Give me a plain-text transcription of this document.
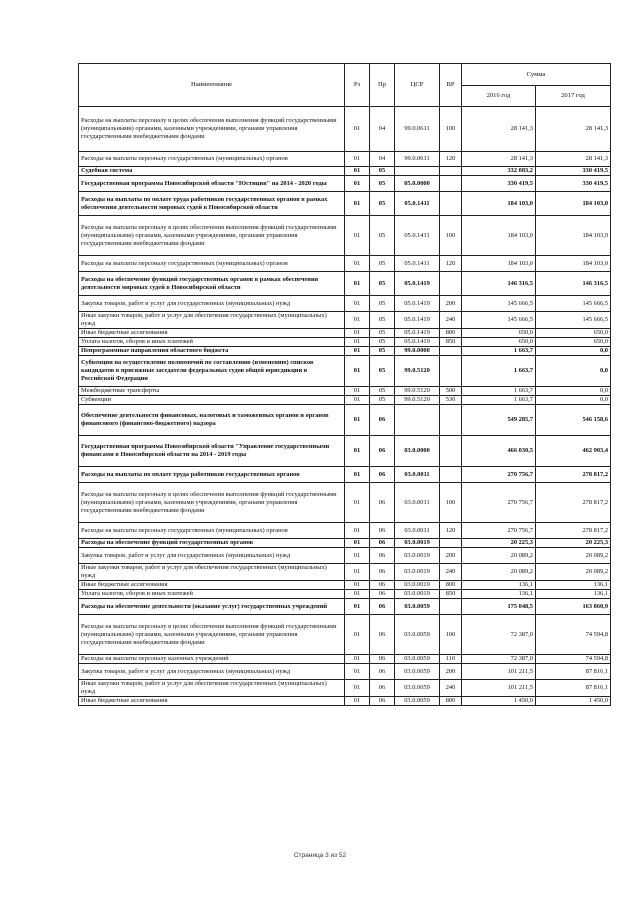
Наименование	Рз	Пр	ЦСР	ВР	Сумма	
					2016 год	2017 год
Расходы на выплаты персоналу в целях обеспечения выполнения функций государственными (муниципальными) органами, казенными учреждениями, органами управления государственными внебюджетными фондами	01	04	99.0.0611	100	28 141,3	28 141,3
Расходы на выплаты персоналу государственных (муниципальных) органов	01	04	99.0.0611	120	28 141,3	28 141,3
Судебная система	01	05			332 083,2	330 419,5
Государственная программа Новосибирской области "Юстиция" на 2014 - 2020 годы	01	05	05.0.0000		330 419,5	330 419,5
Расходы на выплаты по оплате труда работников государственных органов в рамках обеспечения деятельности мировых судей в Новосибирской области	01	05	05.0.1411		184 103,0	184 103,0
Расходы на выплаты персоналу в целях обеспечения выполнения функций государственными (муниципальными) органами, казенными учреждениями, органами управления государственными внебюджетными фондами	01	05	05.0.1411	100	184 103,0	184 103,0
Расходы на выплаты персоналу государственных (муниципальных) органов	01	05	05.0.1411	120	184 103,0	184 103,0
Расходы на обеспечение функций государственных органов в рамках обеспечения деятельности мировых судей в Новосибирской области	01	05	05.0.1419		146 316,5	146 316,5
Закупка товаров, работ и услуг для государственных (муниципальных) нужд	01	05	05.0.1419	200	145 666,5	145 666,5
Иные закупки товаров, работ и услуг для обеспечения государственных (муниципальных) нужд	01	05	05.0.1419	240	145 666,5	145 666,5
Иные бюджетные ассигнования	01	05	05.0.1419	800	650,0	650,0
Уплата налогов, сборов и иных платежей	01	05	05.0.1419	850	650,0	650,0
Непрограммные направления областного бюджета	01	05	99.0.0000		1 663,7	0,0
Субвенции на осуществление полномочий по составлению (изменению) списков кандидатов в присяжные заседатели федеральных судов общей юрисдикции в Российской Федерации	01	05	99.0.5120		1 663,7	0,0
Межбюджетные трансферты	01	05	99.0.5120	500	1 663,7	0,0
Субвенции	01	05	99.0.5120	530	1 663,7	0,0
Обеспечение деятельности финансовых, налоговых и таможенных органов и органов финансового (финансово-бюджетного) надзора	01	06			549 285,7	546 158,6
Государственная программа Новосибирской области "Управление государственными финансами в Новосибирской области на 2014 - 2019 годы	01	06	03.0.0000		466 030,5	462 903,4
Расходы на выплаты по оплате труда работников государственных органов	01	06	03.0.0011		270 756,7	278 817,2
Расходы на выплаты персоналу в целях обеспечения выполнения функций государственными (муниципальными) органами, казенными учреждениями, органами управления государственными внебюджетными фондами	01	06	03.0.0011	100	270 756,7	278 817,2
Расходы на выплаты персоналу государственных (муниципальных) органов	01	06	03.0.0011	120	270 756,7	278 817,2
Расходы на обеспечение функций государственных органов	01	06	03.0.0019		20 225,3	20 225,3
Закупка товаров, работ и услуг для государственных (муниципальных) нужд	01	06	03.0.0019	200	20 089,2	20 089,2
Иные закупки товаров, работ и услуг для обеспечения государственных (муниципальных) нужд	01	06	03.0.0019	240	20 089,2	20 089,2
Иные бюджетные ассигнования	01	06	03.0.0019	800	136,1	136,1
Уплата налогов, сборов и иных платежей	01	06	03.0.0019	850	136,1	136,1
Расходы на обеспечение деятельности (оказание услуг) государственных учреждений	01	06	03.0.0059		175 048,5	163 860,9
Расходы на выплаты персоналу в целях обеспечения выполнения функций государственными (муниципальными) органами, казенными учреждениями, органами управления государственными внебюджетными фондами	01	06	03.0.0059	100	72 387,0	74 594,8
Расходы на выплаты персоналу казенных учреждений	01	06	03.0.0059	110	72 387,0	74 594,8
Закупка товаров, работ и услуг для государственных (муниципальных) нужд	01	06	03.0.0059	200	101 211,5	87 816,1
Иные закупки товаров, работ и услуг для обеспечения государственных (муниципальных) нужд	01	06	03.0.0059	240	101 211,5	87 816,1
Иные бюджетные ассигнования	01	06	03.0.0059	800	1 450,0	1 450,0
Страница 3 из 52
